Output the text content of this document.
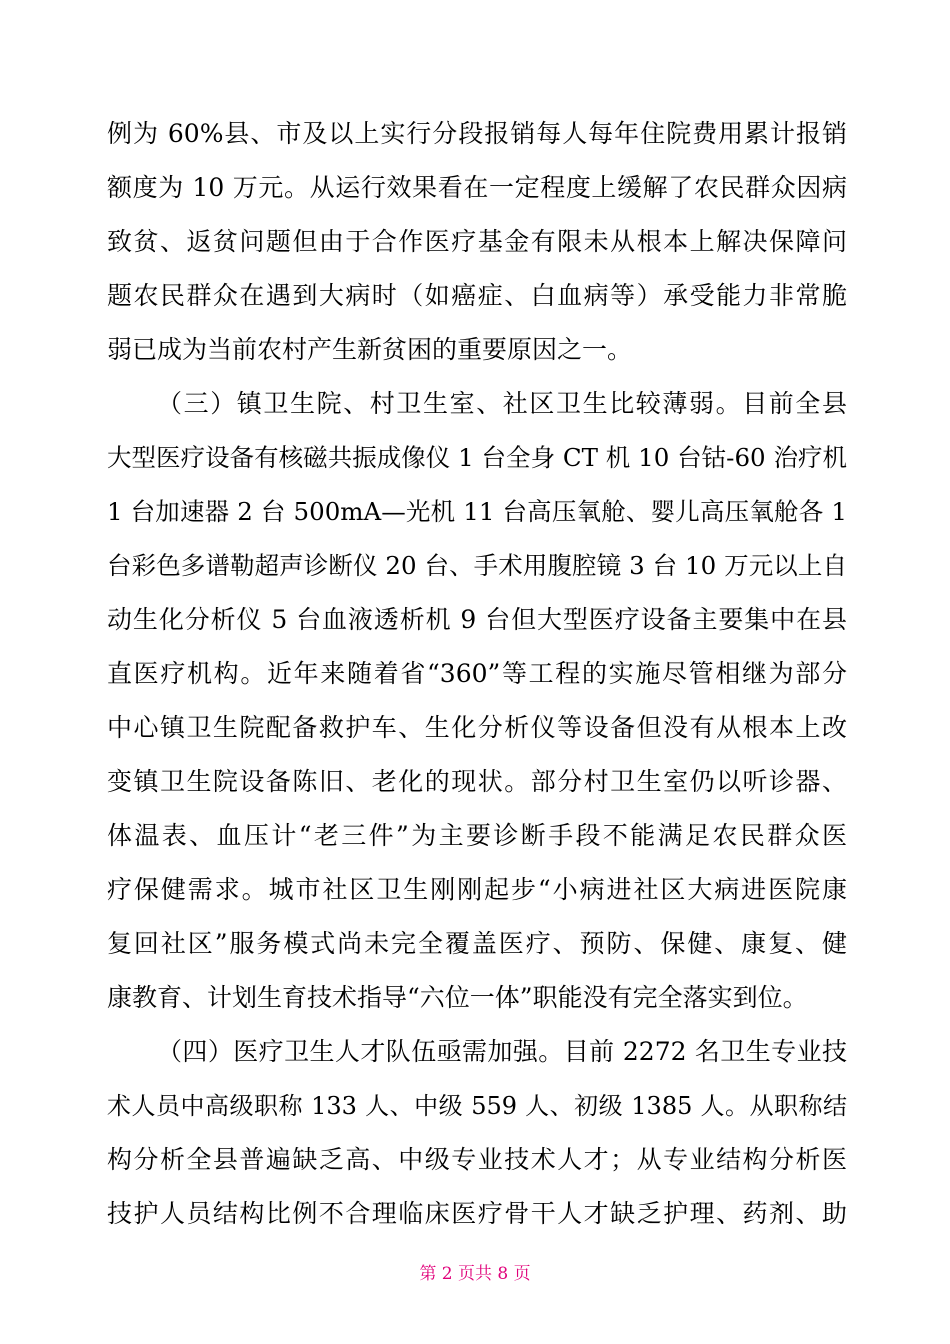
例为 60%县、市及以上实行分段报销每人每年住院费用累计报销
额度为 10 万元。从运行效果看在一定程度上缓解了农民群众因病
致贫、返贫问题但由于合作医疗基金有限未从根本上解决保障问
题农民群众在遇到大病时（如癌症、白血病等）承受能力非常脆
弱已成为当前农村产生新贫困的重要原因之一。
（三）镇卫生院、村卫生室、社区卫生比较薄弱。目前全县
大型医疗设备有核磁共振成像仪 1 台全身 CT 机 10 台钴-60 治疗机
1 台加速器 2 台 500mA—光机 11 台高压氧舱、婴儿高压氧舱各 1
台彩色多谱勒超声诊断仪 20 台、手术用腹腔镜 3 台 10 万元以上自
动生化分析仪 5 台血液透析机 9 台但大型医疗设备主要集中在县
直医疗机构。近年来随着省“360”等工程的实施尽管相继为部分
中心镇卫生院配备救护车、生化分析仪等设备但没有从根本上改
变镇卫生院设备陈旧、老化的现状。部分村卫生室仍以听诊器、
体温表、血压计“老三件”为主要诊断手段不能满足农民群众医
疗保健需求。城市社区卫生刚刚起步“小病进社区大病进医院康
复回社区”服务模式尚未完全覆盖医疗、预防、保健、康复、健
康教育、计划生育技术指导“六位一体”职能没有完全落实到位。
（四）医疗卫生人才队伍亟需加强。目前 2272 名卫生专业技
术人员中高级职称 133 人、中级 559 人、初级 1385 人。从职称结
构分析全县普遍缺乏高、中级专业技术人才；从专业结构分析医
技护人员结构比例不合理临床医疗骨干人才缺乏护理、药剂、助
第 2 页共 8 页
